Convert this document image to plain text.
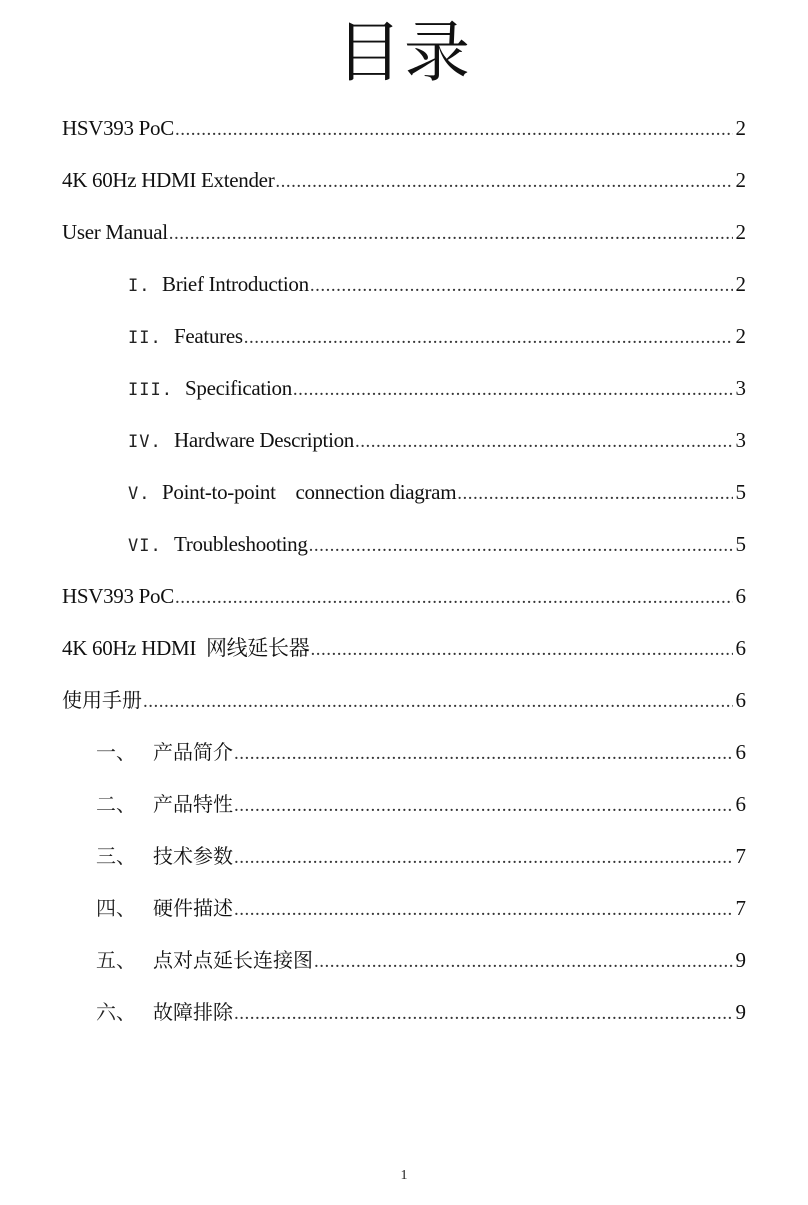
目录
HSV393 PoC .....	2
4K 60Hz HDMI Extender .....	2
User Manual .....	2
I. Brief Introduction .....	2
II. Features .....	2
III. Specification .....	3
IV. Hardware Description .....	3
V. Point-to-point    connection diagram .....	5
VI. Troubleshooting .....	5
HSV393 PoC .....	6
4K 60Hz HDMI  网线延长器 .....	6
使用手册 .....	6
一、 产品简介 .....	6
二、 产品特性 .....	6
三、 技术参数 .....	7
四、 硬件描述 .....	7
五、 点对点延长连接图 .....	9
六、 故障排除 .....	9
1
